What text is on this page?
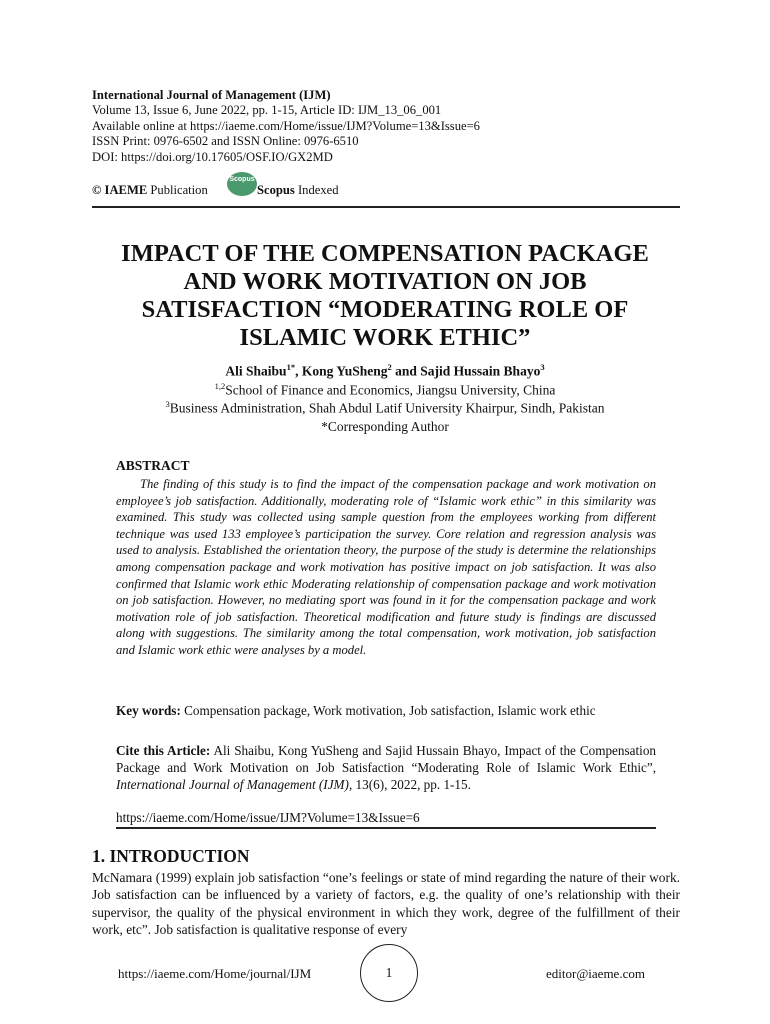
International Journal of Management (IJM)
Volume 13, Issue 6, June 2022, pp. 1-15, Article ID: IJM_13_06_001
Available online at https://iaeme.com/Home/issue/IJM?Volume=13&Issue=6
ISSN Print: 0976-6502 and ISSN Online: 0976-6510
DOI: https://doi.org/10.17605/OSF.IO/GX2MD
© IAEME Publication
Scopus
Scopus Indexed
IMPACT OF THE COMPENSATION PACKAGE
AND WORK MOTIVATION ON JOB
SATISFACTION “MODERATING ROLE OF
ISLAMIC WORK ETHIC”
Ali Shaibu$^{1*}$, Kong YuSheng$^2$ and Sajid Hussain Bhayo$^3$
$^{1,2}$School of Finance and Economics, Jiangsu University, China
$^3$Business Administration, Shah Abdul Latif University Khairpur, Sindh, Pakistan
*Corresponding Author
ABSTRACT
The finding of this study is to find the impact of the compensation package and work motivation on employee’s job satisfaction. Additionally, moderating role of “Islamic work ethic” in this similarity was examined. This study was collected using sample question from the employees working from different technique was used 133 employee’s participation the survey. Core relation and regression analysis was used to analysis. Established the orientation theory, the purpose of the study is determine the relationships among compensation package and work motivation has positive impact on job satisfaction. It was also confirmed that Islamic work ethic Moderating relationship of compensation package and work motivation on job satisfaction. However, no mediating sport was found in it for the compensation package and work motivation role of job satisfaction. Theoretical modification and future study is findings are discussed along with suggestions. The similarity among the total compensation, work motivation, job satisfaction and Islamic work ethic were analyses by a model.
Key words: Compensation package, Work motivation, Job satisfaction, Islamic work ethic
Cite this Article: Ali Shaibu, Kong YuSheng and Sajid Hussain Bhayo, Impact of the Compensation Package and Work Motivation on Job Satisfaction “Moderating Role of Islamic Work Ethic”, International Journal of Management (IJM), 13(6), 2022, pp. 1-15.
https://iaeme.com/Home/issue/IJM?Volume=13&Issue=6
1. INTRODUCTION
McNamara (1999) explain job satisfaction “one’s feelings or state of mind regarding the nature of their work. Job satisfaction can be influenced by a variety of factors, e.g. the quality of one’s relationship with their supervisor, the quality of the physical environment in which they work, degree of the fulfillment of their work, etc”. Job satisfaction is qualitative response of every
https://iaeme.com/Home/journal/IJM	1	editor@iaeme.com
